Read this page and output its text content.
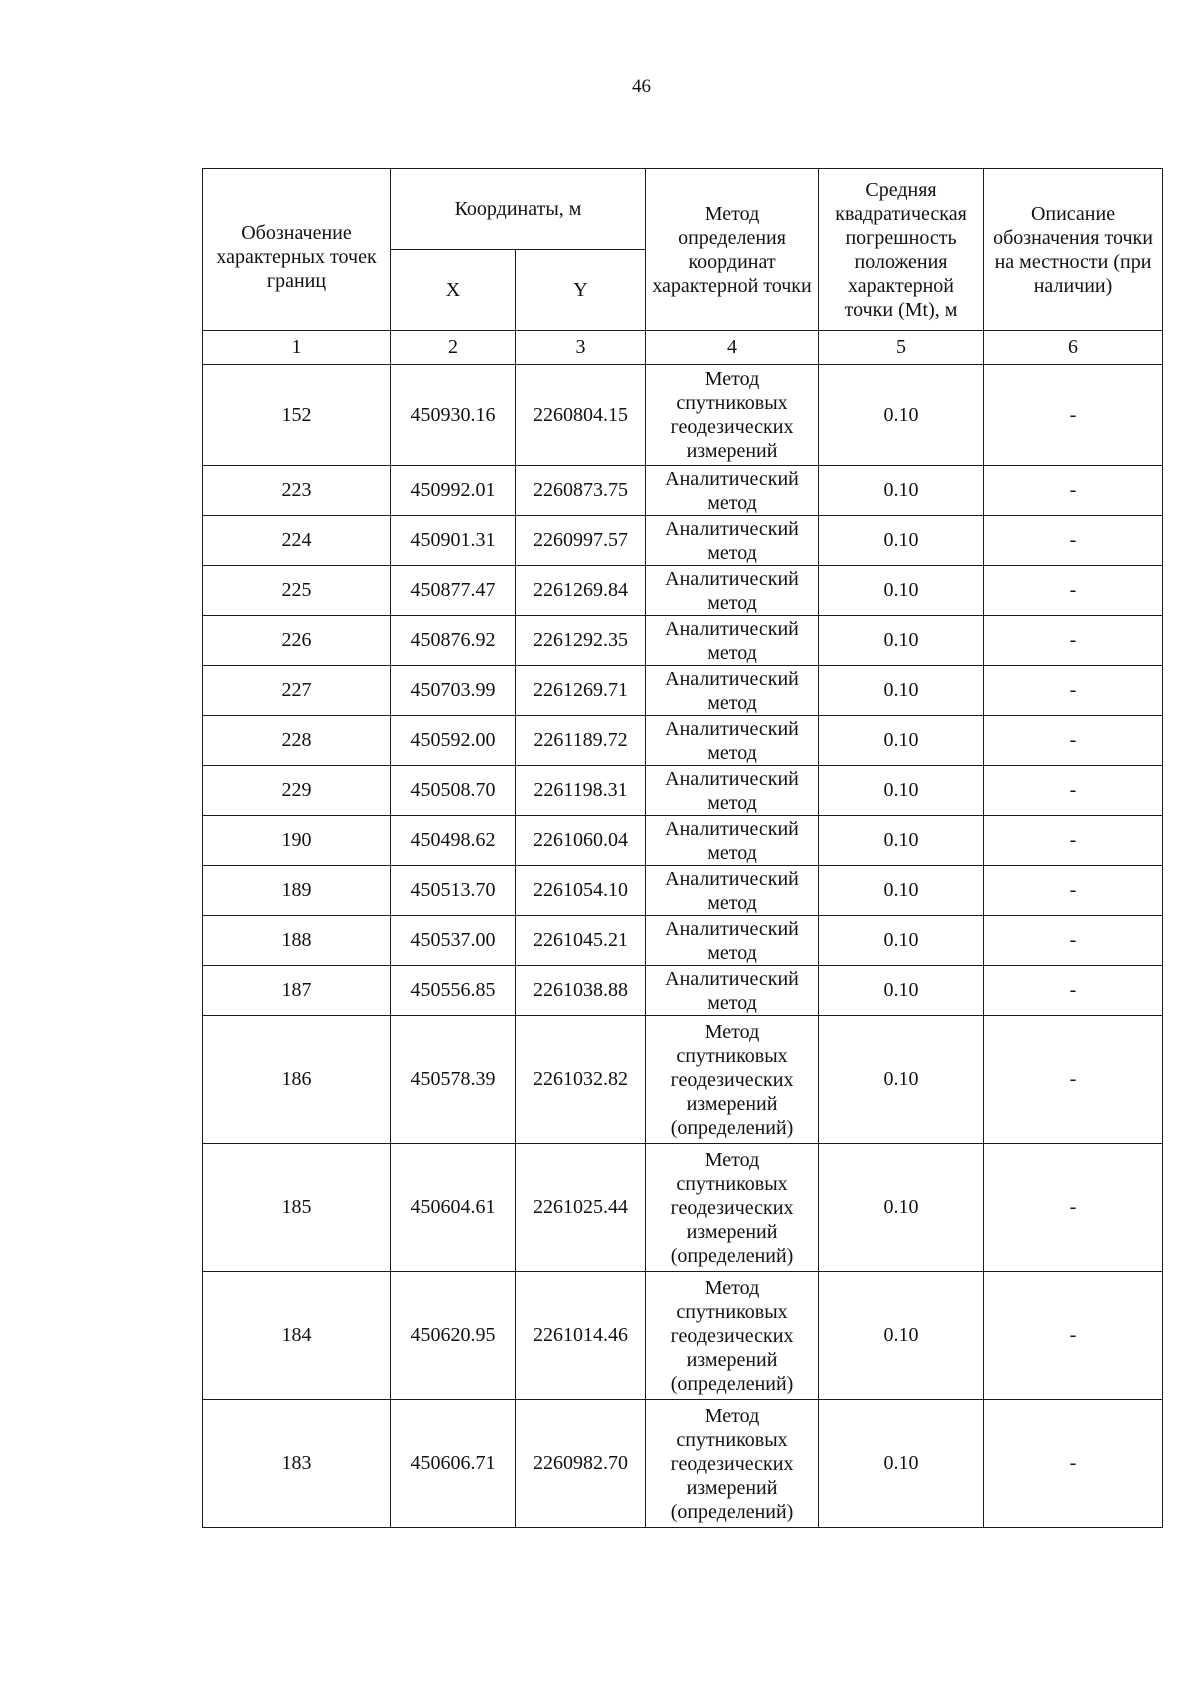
46
Обозначение характерных точек границ	Координаты, м		Метод определения координат характерной точки	Средняя квадратическая погрешность положения характерной точки (Mt), м	Описание обозначения точки на местности (при наличии)
	X	Y			
1	2	3	4	5	6
152	450930.16	2260804.15	Метод спутниковых геодезических измерений	0.10	-
223	450992.01	2260873.75	Аналитический метод	0.10	-
224	450901.31	2260997.57	Аналитический метод	0.10	-
225	450877.47	2261269.84	Аналитический метод	0.10	-
226	450876.92	2261292.35	Аналитический метод	0.10	-
227	450703.99	2261269.71	Аналитический метод	0.10	-
228	450592.00	2261189.72	Аналитический метод	0.10	-
229	450508.70	2261198.31	Аналитический метод	0.10	-
190	450498.62	2261060.04	Аналитический метод	0.10	-
189	450513.70	2261054.10	Аналитический метод	0.10	-
188	450537.00	2261045.21	Аналитический метод	0.10	-
187	450556.85	2261038.88	Аналитический метод	0.10	-
186	450578.39	2261032.82	Метод спутниковых геодезических измерений (определений)	0.10	-
185	450604.61	2261025.44	Метод спутниковых геодезических измерений (определений)	0.10	-
184	450620.95	2261014.46	Метод спутниковых геодезических измерений (определений)	0.10	-
183	450606.71	2260982.70	Метод спутниковых геодезических измерений (определений)	0.10	-
